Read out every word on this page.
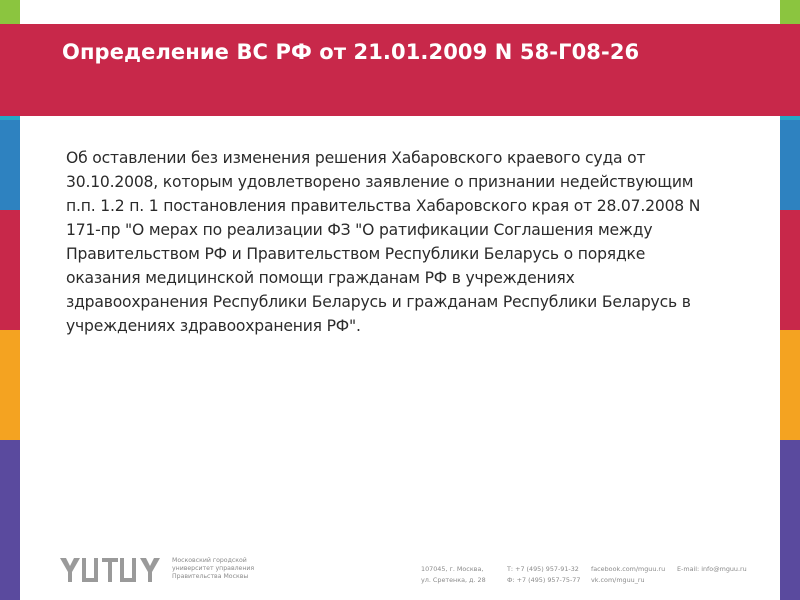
Определение ВС РФ от 21.01.2009 N 58-Г08-26
Об оставлении без изменения решения Хабаровского краевого суда от
30.10.2008, которым удовлетворено заявление о признании недействующим
п.п. 1.2 п. 1 постановления правительства Хабаровского края от 28.07.2008 N
171-пр "О мерах по реализации ФЗ "О ратификации Соглашения между
Правительством РФ и Правительством Республики Беларусь о порядке
оказания медицинской помощи гражданам РФ в учреждениях
здравоохранения Республики Беларусь и гражданам Республики Беларусь в
учреждениях здравоохранения РФ".
Московский городской
университет управления
Правительства Москвы
107045, г. Москва,
ул. Сретенка, д. 28
Т: +7 (495) 957-91-32
Ф: +7 (495) 957-75-77
facebook.com/mguu.ru
vk.com/mguu_ru
E-mail: info@mguu.ru
